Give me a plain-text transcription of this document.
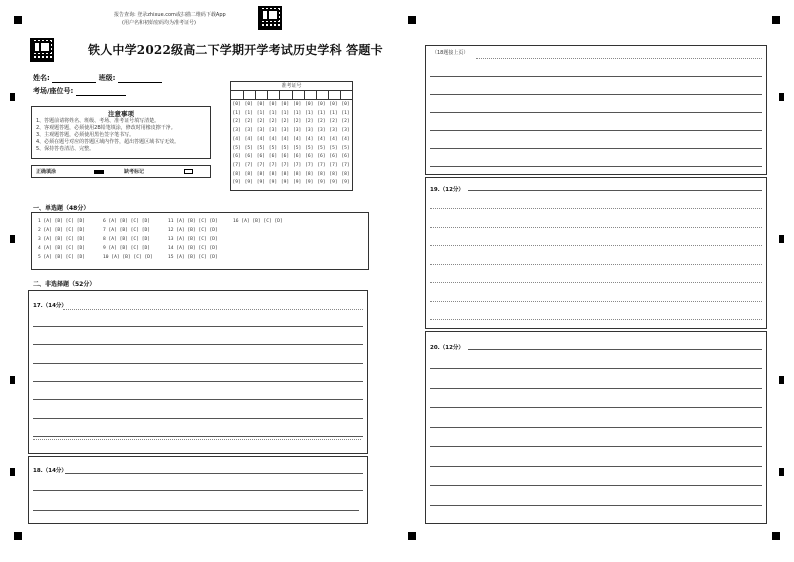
报告查询: 登录zhixue.com或扫描二维码下载App
(用户名和初始密码均为准考证号)
铁人中学2022级高二下学期开学考试历史学科 答题卡
姓名:	班级:
考场/座位号:
注意事项
1、答题前请将姓名、班级、考场、准考证号填写清楚。
2、客观题答题，必须使用2B铅笔填涂，修改时用橡皮擦干净。
3、主观题答题，必须使用黑色签字笔书写。
4、必须在题号对应的答题区域内作答，超出答题区域书写无效。
5、保持答卷清洁、完整。
正确填涂	缺考标记
准考证号
[0]
[1]
[2]
[3]
[4]
[5]
[6]
[7]
[8]
[9]
[0]
[1]
[2]
[3]
[4]
[5]
[6]
[7]
[8]
[9]
[0]
[1]
[2]
[3]
[4]
[5]
[6]
[7]
[8]
[9]
[0]
[1]
[2]
[3]
[4]
[5]
[6]
[7]
[8]
[9]
[0]
[1]
[2]
[3]
[4]
[5]
[6]
[7]
[8]
[9]
[0]
[1]
[2]
[3]
[4]
[5]
[6]
[7]
[8]
[9]
[0]
[1]
[2]
[3]
[4]
[5]
[6]
[7]
[8]
[9]
[0]
[1]
[2]
[3]
[4]
[5]
[6]
[7]
[8]
[9]
[0]
[1]
[2]
[3]
[4]
[5]
[6]
[7]
[8]
[9]
[0]
[1]
[2]
[3]
[4]
[5]
[6]
[7]
[8]
[9]
一、单选题（48分）
1 [A] [B] [C] [D]
2 [A] [B] [C] [D]
3 [A] [B] [C] [D]
4 [A] [B] [C] [D]
5 [A] [B] [C] [D]
6 [A] [B] [C] [D]
7 [A] [B] [C] [D]
8 [A] [B] [C] [D]
9 [A] [B] [C] [D]
10 [A] [B] [C] [D]
11 [A] [B] [C] [D]
12 [A] [B] [C] [D]
13 [A] [B] [C] [D]
14 [A] [B] [C] [D]
15 [A] [B] [C] [D]
16 [A] [B] [C] [D]
二、非选择题（52分）
17.（14分）
18.（14分）
（18题接上页）
19.（12分）
20.（12分）
